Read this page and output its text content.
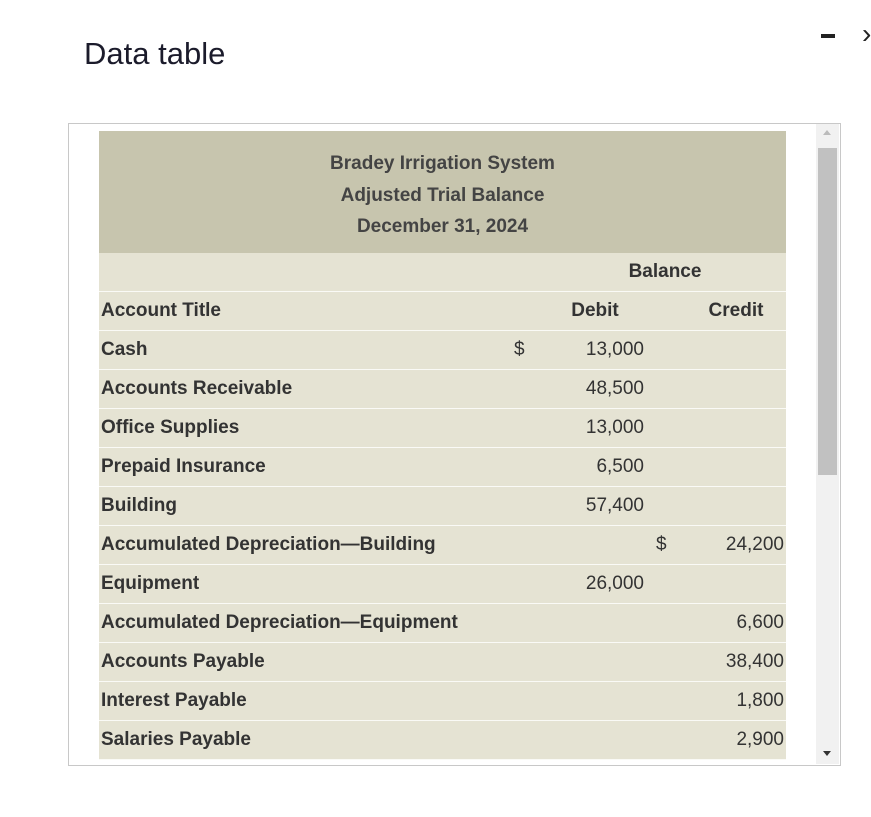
Data table
›
Bradey Irrigation System				
Adjusted Trial Balance				
December 31, 2024				
		Balance		
Account Title		Debit		Credit
Cash	$	13,000		
Accounts Receivable		48,500		
Office Supplies		13,000		
Prepaid Insurance		6,500		
Building		57,400		
Accumulated Depreciation—Building			$	24,200
Equipment		26,000		
Accumulated Depreciation—Equipment				6,600
Accounts Payable				38,400
Interest Payable				1,800
Salaries Payable				2,900
